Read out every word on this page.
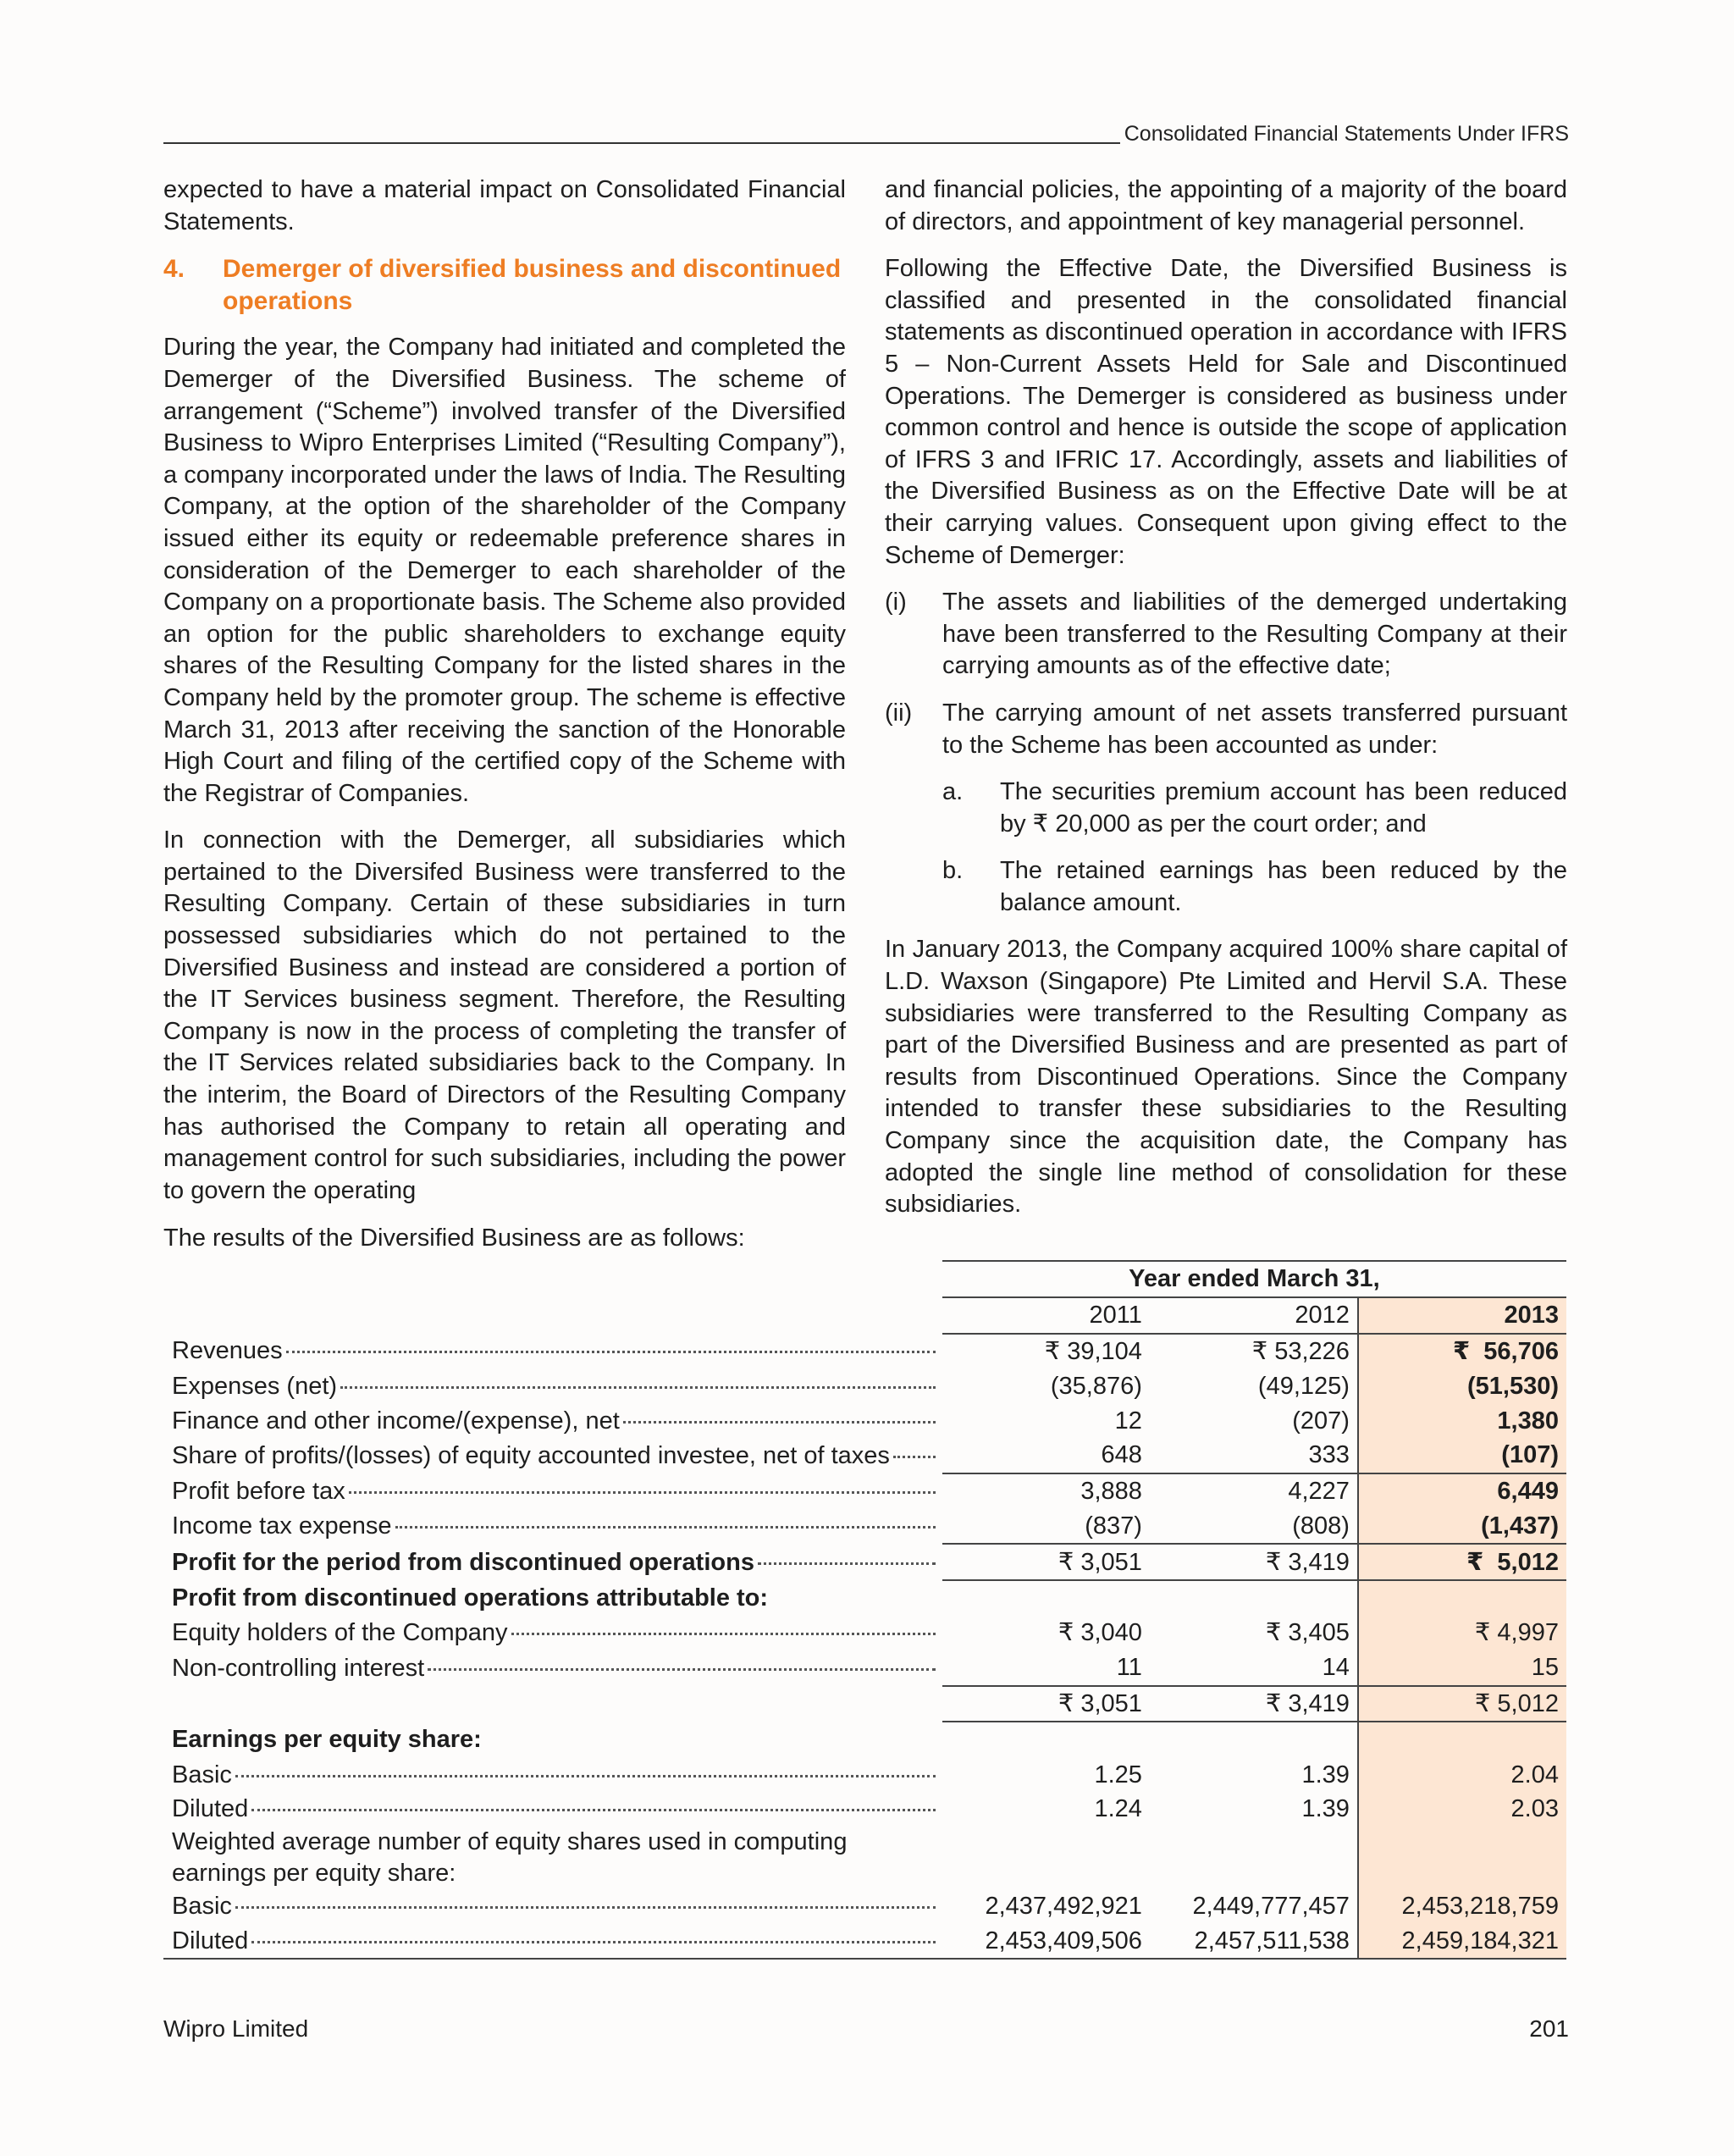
Consolidated Financial Statements Under IFRS

expected to have a material impact on Consolidated Financial Statements.

4.	Demerger of diversified business and discontinued operations

During the year, the Company had initiated and completed the Demerger of the Diversified Business. The scheme of arrangement (“Scheme”) involved transfer of the Diversified Business to Wipro Enterprises Limited (“Resulting Company”), a company incorporated under the laws of India. The Resulting Company, at the option of the shareholder of the Company issued either its equity or redeemable preference shares in consideration of the Demerger to each shareholder of the Company on a proportionate basis. The Scheme also provided an option for the public shareholders to exchange equity shares of the Resulting Company for the listed shares in the Company held by the promoter group. The scheme is effective March 31, 2013 after receiving the sanction of the Honorable High Court and filing of the certified copy of the Scheme with the Registrar of Companies.

In connection with the Demerger, all subsidiaries which pertained to the Diversifed Business were transferred to the Resulting Company. Certain of these subsidiaries in turn possessed subsidiaries which do not pertained to the Diversified Business and instead are considered a portion of the IT Services business segment. Therefore, the Resulting Company is now in the process of completing the transfer of the IT Services related subsidiaries back to the Company. In the interim, the Board of Directors of the Resulting Company has authorised the Company to retain all operating and management control for such subsidiaries, including the power to govern the operating

and financial policies, the appointing of a majority of the board of directors, and appointment of key managerial personnel.

Following the Effective Date, the Diversified Business is classified and presented in the consolidated financial statements as discontinued operation in accordance with IFRS 5 – Non-Current Assets Held for Sale and Discontinued Operations. The Demerger is considered as business under common control and hence is outside the scope of application of IFRS 3 and IFRIC 17. Accordingly, assets and liabilities of the Diversified Business as on the Effective Date will be at their carrying values. Consequent upon giving effect to the Scheme of Demerger:

(i)	The assets and liabilities of the demerged undertaking have been transferred to the Resulting Company at their carrying amounts as of the effective date;
(ii)	The carrying amount of net assets transferred pursuant to the Scheme has been accounted as under:
a.	The securities premium account has been reduced by ₹ 20,000 as per the court order; and
b.	The retained earnings has been reduced by the balance amount.

In January 2013, the Company acquired 100% share capital of L.D. Waxson (Singapore) Pte Limited and Hervil S.A. These subsidiaries were transferred to the Resulting Company as part of the Diversified Business and are presented as part of results from Discontinued Operations. Since the Company intended to transfer these subsidiaries to the Resulting Company since the acquisition date, the Company has adopted the single line method of consolidation for these subsidiaries.

The results of the Diversified Business are as follows:
	Year ended March 31,		
	2011	2012	2013

Revenues	₹ 39,104	₹ 53,226	₹  56,706

Expenses (net)	(35,876)	(49,125)	(51,530)

Finance and other income/(expense), net	12	(207)	1,380

Share of profits/(losses) of equity accounted investee, net of taxes	648	333	(107)

Profit before tax	3,888	4,227	6,449

Income tax expense	(837)	(808)	(1,437)

Profit for the period from discontinued operations	₹ 3,051	₹ 3,419	₹  5,012
Profit from discontinued operations attributable to:			

Equity holders of the Company	₹ 3,040	₹ 3,405	₹ 4,997

Non-controlling interest	11	14	15
	₹ 3,051	₹ 3,419	₹ 5,012
Earnings per equity share:			

Basic	1.25	1.39	2.04

Diluted	1.24	1.39	2.03
Weighted average number of equity shares used in computing earnings per equity share:			

Basic	2,437,492,921	2,449,777,457	2,453,218,759

Diluted	2,453,409,506	2,457,511,538	2,459,184,321
Wipro Limited	201
